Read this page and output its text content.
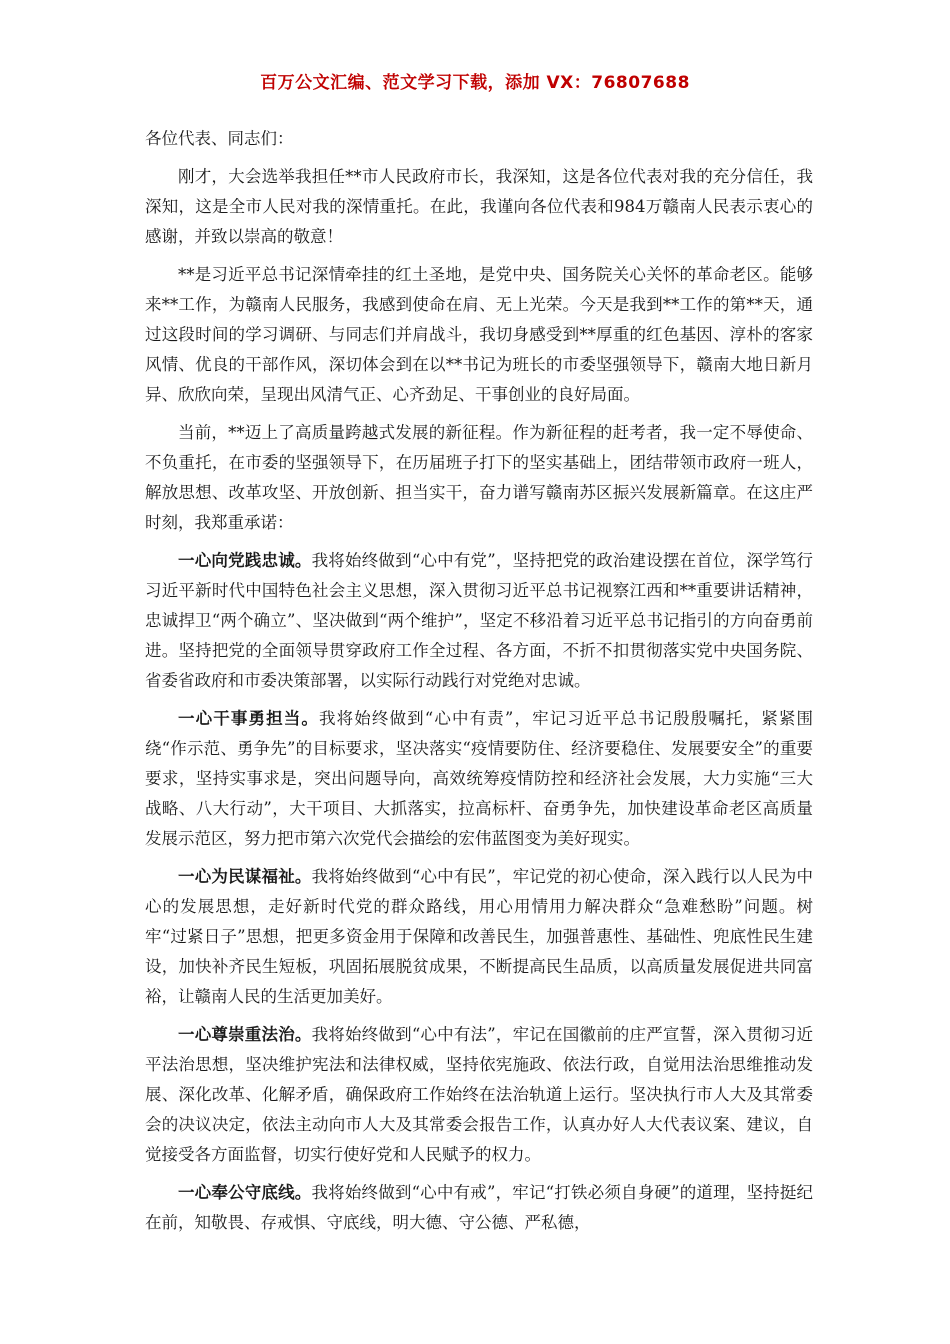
百万公文汇编、范文学习下载，添加 VX：76807688

各位代表、同志们：

刚才，大会选举我担任**市人民政府市长，我深知，这是各位代表对我的充分信任，我深知，这是全市人民对我的深情重托。在此，我谨向各位代表和984万赣南人民表示衷心的感谢，并致以崇高的敬意！

**是习近平总书记深情牵挂的红土圣地，是党中央、国务院关心关怀的革命老区。能够来**工作，为赣南人民服务，我感到使命在肩、无上光荣。今天是我到**工作的第**天，通过这段时间的学习调研、与同志们并肩战斗，我切身感受到**厚重的红色基因、淳朴的客家风情、优良的干部作风，深切体会到在以**书记为班长的市委坚强领导下，赣南大地日新月异、欣欣向荣，呈现出风清气正、心齐劲足、干事创业的良好局面。

当前，**迈上了高质量跨越式发展的新征程。作为新征程的赶考者，我一定不辱使命、不负重托，在市委的坚强领导下，在历届班子打下的坚实基础上，团结带领市政府一班人，解放思想、改革攻坚、开放创新、担当实干，奋力谱写赣南苏区振兴发展新篇章。在这庄严时刻，我郑重承诺：

一心向党践忠诚。我将始终做到“心中有党”，坚持把党的政治建设摆在首位，深学笃行习近平新时代中国特色社会主义思想，深入贯彻习近平总书记视察江西和**重要讲话精神，忠诚捍卫“两个确立”、坚决做到“两个维护”，坚定不移沿着习近平总书记指引的方向奋勇前进。坚持把党的全面领导贯穿政府工作全过程、各方面，不折不扣贯彻落实党中央国务院、省委省政府和市委决策部署，以实际行动践行对党绝对忠诚。

一心干事勇担当。我将始终做到“心中有责”，牢记习近平总书记殷殷嘱托，紧紧围绕“作示范、勇争先”的目标要求，坚决落实“疫情要防住、经济要稳住、发展要安全”的重要要求，坚持实事求是，突出问题导向，高效统筹疫情防控和经济社会发展，大力实施“三大战略、八大行动”，大干项目、大抓落实，拉高标杆、奋勇争先，加快建设革命老区高质量发展示范区，努力把市第六次党代会描绘的宏伟蓝图变为美好现实。

一心为民谋福祉。我将始终做到“心中有民”，牢记党的初心使命，深入践行以人民为中心的发展思想，走好新时代党的群众路线，用心用情用力解决群众“急难愁盼”问题。树牢“过紧日子”思想，把更多资金用于保障和改善民生，加强普惠性、基础性、兜底性民生建设，加快补齐民生短板，巩固拓展脱贫成果，不断提高民生品质，以高质量发展促进共同富裕，让赣南人民的生活更加美好。

一心尊崇重法治。我将始终做到“心中有法”，牢记在国徽前的庄严宣誓，深入贯彻习近平法治思想，坚决维护宪法和法律权威，坚持依宪施政、依法行政，自觉用法治思维推动发展、深化改革、化解矛盾，确保政府工作始终在法治轨道上运行。坚决执行市人大及其常委会的决议决定，依法主动向市人大及其常委会报告工作，认真办好人大代表议案、建议，自觉接受各方面监督，切实行使好党和人民赋予的权力。

一心奉公守底线。我将始终做到“心中有戒”，牢记“打铁必须自身硬”的道理，坚持挺纪在前，知敬畏、存戒惧、守底线，明大德、守公德、严私德，
